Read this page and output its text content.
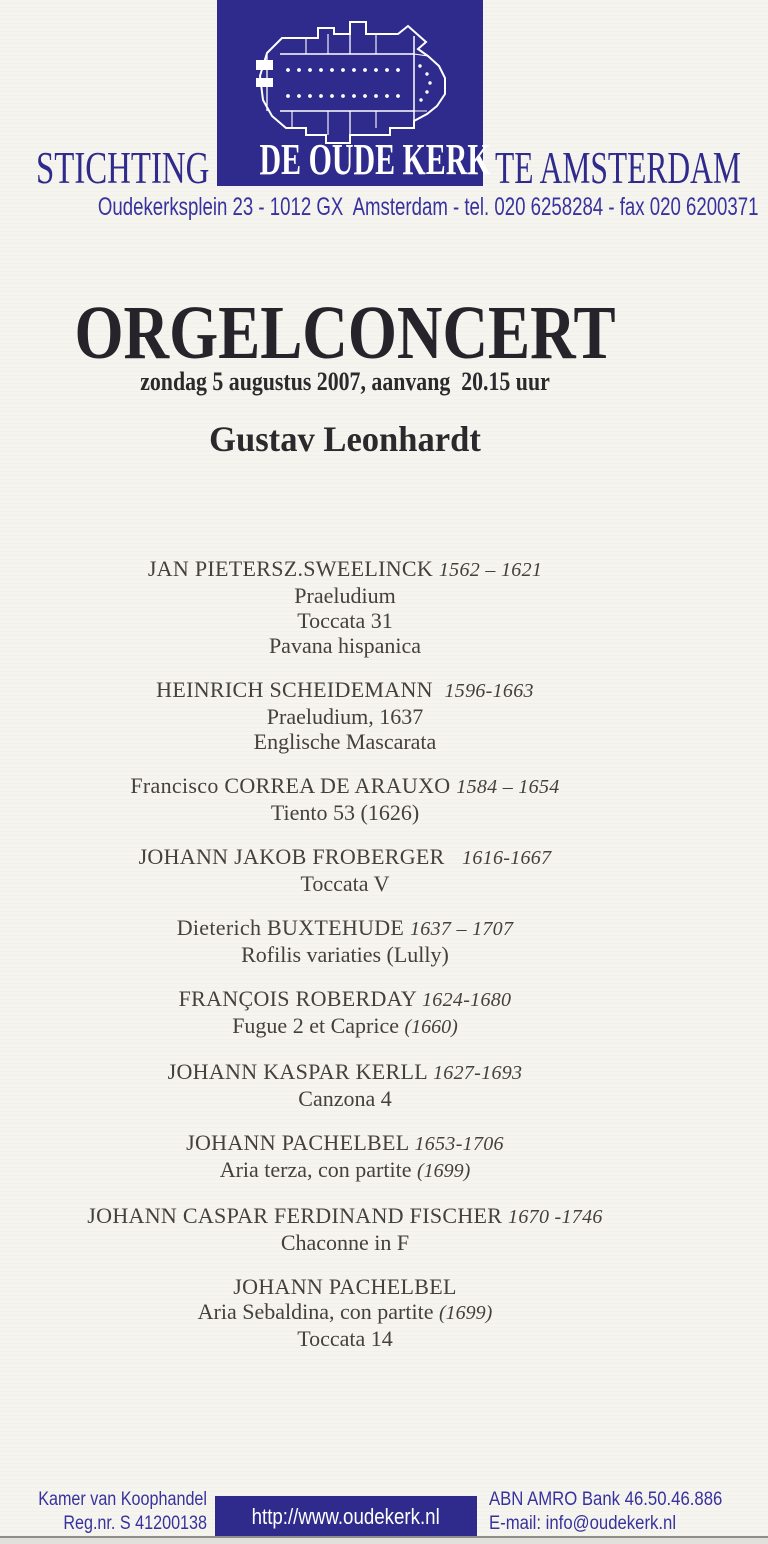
STICHTING DE OUDE KERK TE AMSTERDAM
Oudekerksplein 23 - 1012 GX  Amsterdam - tel. 020 6258284 - fax 020 6200371
ORGELCONCERT
zondag 5 augustus 2007, aanvang  20.15 uur
Gustav Leonhardt
JAN PIETERSZ.SWEELINCK 1562 – 1621
Praeludium
Toccata 31
Pavana hispanica
HEINRICH SCHEIDEMANN  1596-1663
Praeludium, 1637
Englische Mascarata
Francisco CORREA DE ARAUXO 1584 – 1654
Tiento 53 (1626)
JOHANN JAKOB FROBERGER   1616-1667
Toccata V
Dieterich BUXTEHUDE 1637 – 1707
Rofilis variaties (Lully)
FRANÇOIS ROBERDAY 1624-1680
Fugue 2 et Caprice (1660)
JOHANN KASPAR KERLL 1627-1693
Canzona 4
JOHANN PACHELBEL 1653-1706
Aria terza, con partite (1699)
JOHANN CASPAR FERDINAND FISCHER 1670 -1746
Chaconne in F
JOHANN PACHELBEL
Aria Sebaldina, con partite (1699)
Toccata 14
Kamer van Koophandel
Reg.nr. S 41200138 http://www.oudekerk.nl
ABN AMRO Bank 46.50.46.886
E-mail: info@oudekerk.nl
